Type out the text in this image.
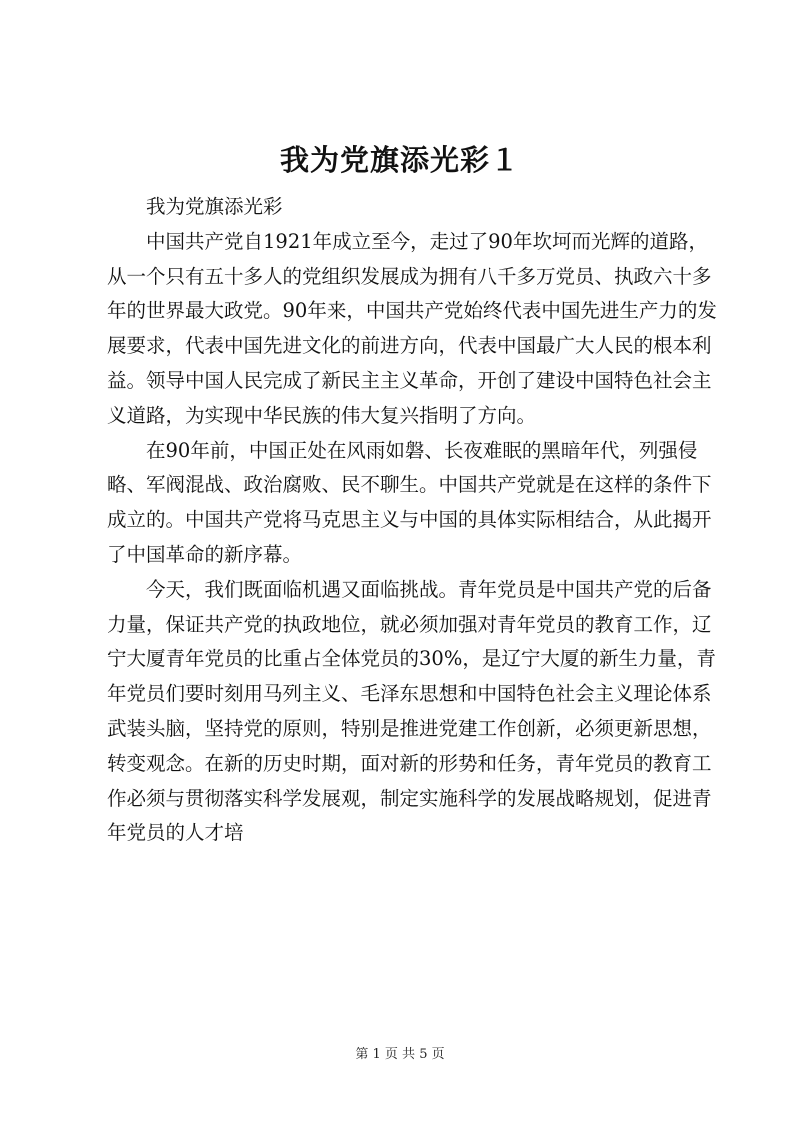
我为党旗添光彩１

我为党旗添光彩

中国共产党自1921年成立至今，走过了90年坎坷而光辉的道路，从一个只有五十多人的党组织发展成为拥有八千多万党员、执政六十多年的世界最大政党。90年来，中国共产党始终代表中国先进生产力的发展要求，代表中国先进文化的前进方向，代表中国最广大人民的根本利益。领导中国人民完成了新民主主义革命，开创了建设中国特色社会主义道路，为实现中华民族的伟大复兴指明了方向。

在90年前，中国正处在风雨如磐、长夜难眠的黑暗年代，列强侵略、军阀混战、政治腐败、民不聊生。中国共产党就是在这样的条件下成立的。中国共产党将马克思主义与中国的具体实际相结合，从此揭开了中国革命的新序幕。

今天，我们既面临机遇又面临挑战。青年党员是中国共产党的后备力量，保证共产党的执政地位，就必须加强对青年党员的教育工作，辽宁大厦青年党员的比重占全体党员的30%，是辽宁大厦的新生力量，青年党员们要时刻用马列主义、毛泽东思想和中国特色社会主义理论体系武装头脑，坚持党的原则，特别是推进党建工作创新，必须更新思想，转变观念。在新的历史时期，面对新的形势和任务，青年党员的教育工作必须与贯彻落实科学发展观，制定实施科学的发展战略规划，促进青年党员的人才培

第 1 页 共 5 页
